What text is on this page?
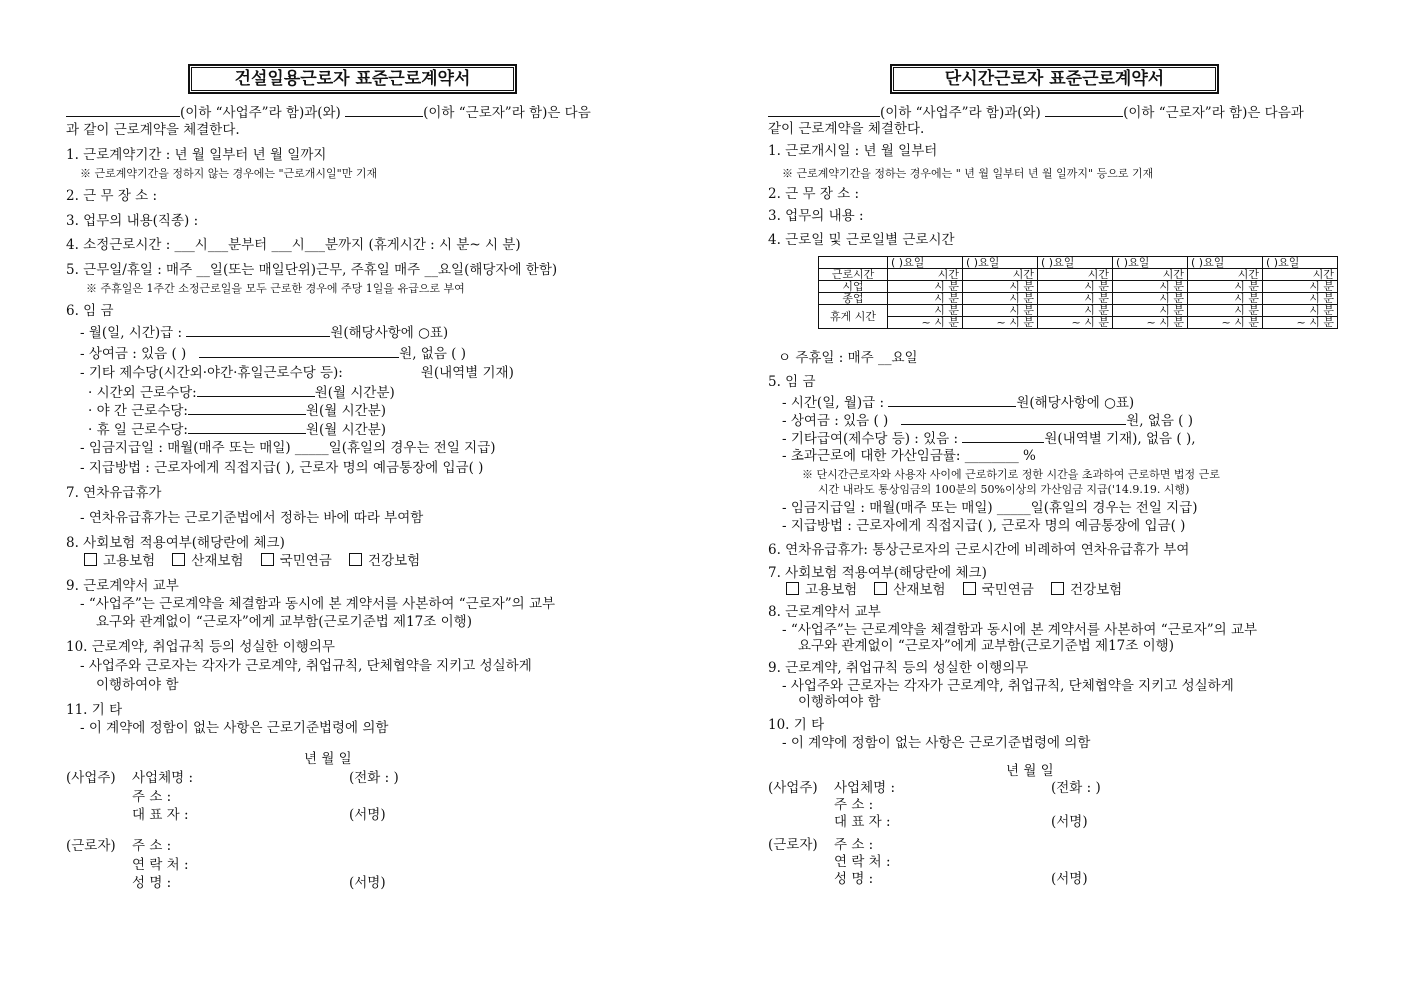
건설일용근로자 표준근로계약서
(이하 “사업주”라 함)과(와)	(이하 “근로자”라 함)은 다음
과 같이 근로계약을 체결한다.
1. 근로계약기간 : 년 월 일부터 년 월 일까지
※ 근로계약기간을 정하지 않는 경우에는 "근로개시일"만 기재
2. 근 무 장 소 :
3. 업무의 내용(직종) :
4. 소정근로시간 : ___시___분부터 ___시___분까지 (휴게시간 : 시 분~ 시 분)
5. 근무일/휴일 : 매주 __일(또는 매일단위)근무, 주휴일 매주 __요일(해당자에 한함)
※ 주휴일은 1주간 소정근로일을 모두 근로한 경우에 주당 1일을 유급으로 부여
6. 임 금
- 월(일, 시간)급 :	원(해당사항에 ○표)
- 상여금 : 있음 ( )	원, 없음 ( )
- 기타 제수당(시간외·야간·휴일근로수당 등):	원(내역별 기재)
· 시간외 근로수당:	원(월 시간분)
· 야 간 근로수당:	원(월 시간분)
· 휴 일 근로수당:	원(월 시간분)
- 임금지급일 : 매월(매주 또는 매일) _____일(휴일의 경우는 전일 지급)
- 지급방법 : 근로자에게 직접지급( ), 근로자 명의 예금통장에 입금( )
7. 연차유급휴가
- 연차유급휴가는 근로기준법에서 정하는 바에 따라 부여함
8. 사회보험 적용여부(해당란에 체크)
고용보험	산재보험	국민연금	건강보험
9. 근로계약서 교부
- “사업주”는 근로계약을 체결함과 동시에 본 계약서를 사본하여 “근로자”의 교부
요구와 관계없이 “근로자”에게 교부함(근로기준법 제17조 이행)
10. 근로계약, 취업규칙 등의 성실한 이행의무
- 사업주와 근로자는 각자가 근로계약, 취업규칙, 단체협약을 지키고 성실하게
이행하여야 함
11. 기 타
- 이 계약에 정함이 없는 사항은 근로기준법령에 의함
년 월 일
(사업주) 사업체명 :	(전화 : )
주 소 :
대 표 자 :	(서명)
(근로자) 주 소 :
연 락 처 :
성 명 :	(서명)
단시간근로자 표준근로계약서
(이하 “사업주”라 함)과(와)	(이하 “근로자”라 함)은 다음과
같이 근로계약을 체결한다.
1. 근로개시일 : 년 월 일부터
※ 근로계약기간을 정하는 경우에는 " 년 월 일부터 년 월 일까지" 등으로 기재
2. 근 무 장 소 :
3. 업무의 내용 :
4. 근로일 및 근로일별 근로시간
	( )요일	( )요일	( )요일	( )요일	( )요일	( )요일
근로시간	시간	시간	시간	시간	시간	시간
시업	시 분	시 분	시 분	시 분	시 분	시 분
종업	시 분	시 분	시 분	시 분	시 분	시 분
휴게 시간	시 분	시 분	시 분	시 분	시 분	시 분
	~ 시 분	~ 시 분	~ 시 분	~ 시 분	~ 시 분	~ 시 분
ㅇ 주휴일 : 매주 __요일
5. 임 금
- 시간(일, 월)급 :	원(해당사항에 ○표)
- 상여금 : 있음 ( )	원, 없음 ( )
- 기타급여(제수당 등) : 있음 :	원(내역별 기재), 없음 ( ),
- 초과근로에 대한 가산임금률: ________ %
※ 단시간근로자와 사용자 사이에 근로하기로 정한 시간을 초과하여 근로하면 법정 근로
시간 내라도 통상임금의 100분의 50%이상의 가산임금 지급('14.9.19. 시행)
- 임금지급일 : 매월(매주 또는 매일) _____일(휴일의 경우는 전일 지급)
- 지급방법 : 근로자에게 직접지급( ), 근로자 명의 예금통장에 입금( )
6. 연차유급휴가: 통상근로자의 근로시간에 비례하여 연차유급휴가 부여
7. 사회보험 적용여부(해당란에 체크)
고용보험	산재보험	국민연금	건강보험
8. 근로계약서 교부
- “사업주”는 근로계약을 체결함과 동시에 본 계약서를 사본하여 “근로자”의 교부
요구와 관계없이 “근로자”에게 교부함(근로기준법 제17조 이행)
9. 근로계약, 취업규칙 등의 성실한 이행의무
- 사업주와 근로자는 각자가 근로계약, 취업규칙, 단체협약을 지키고 성실하게
이행하여야 함
10. 기 타
- 이 계약에 정함이 없는 사항은 근로기준법령에 의함
년 월 일
(사업주) 사업체명 :	(전화 : )
주 소 :
대 표 자 :	(서명)
(근로자) 주 소 :
연 락 처 :
성 명 :	(서명)
